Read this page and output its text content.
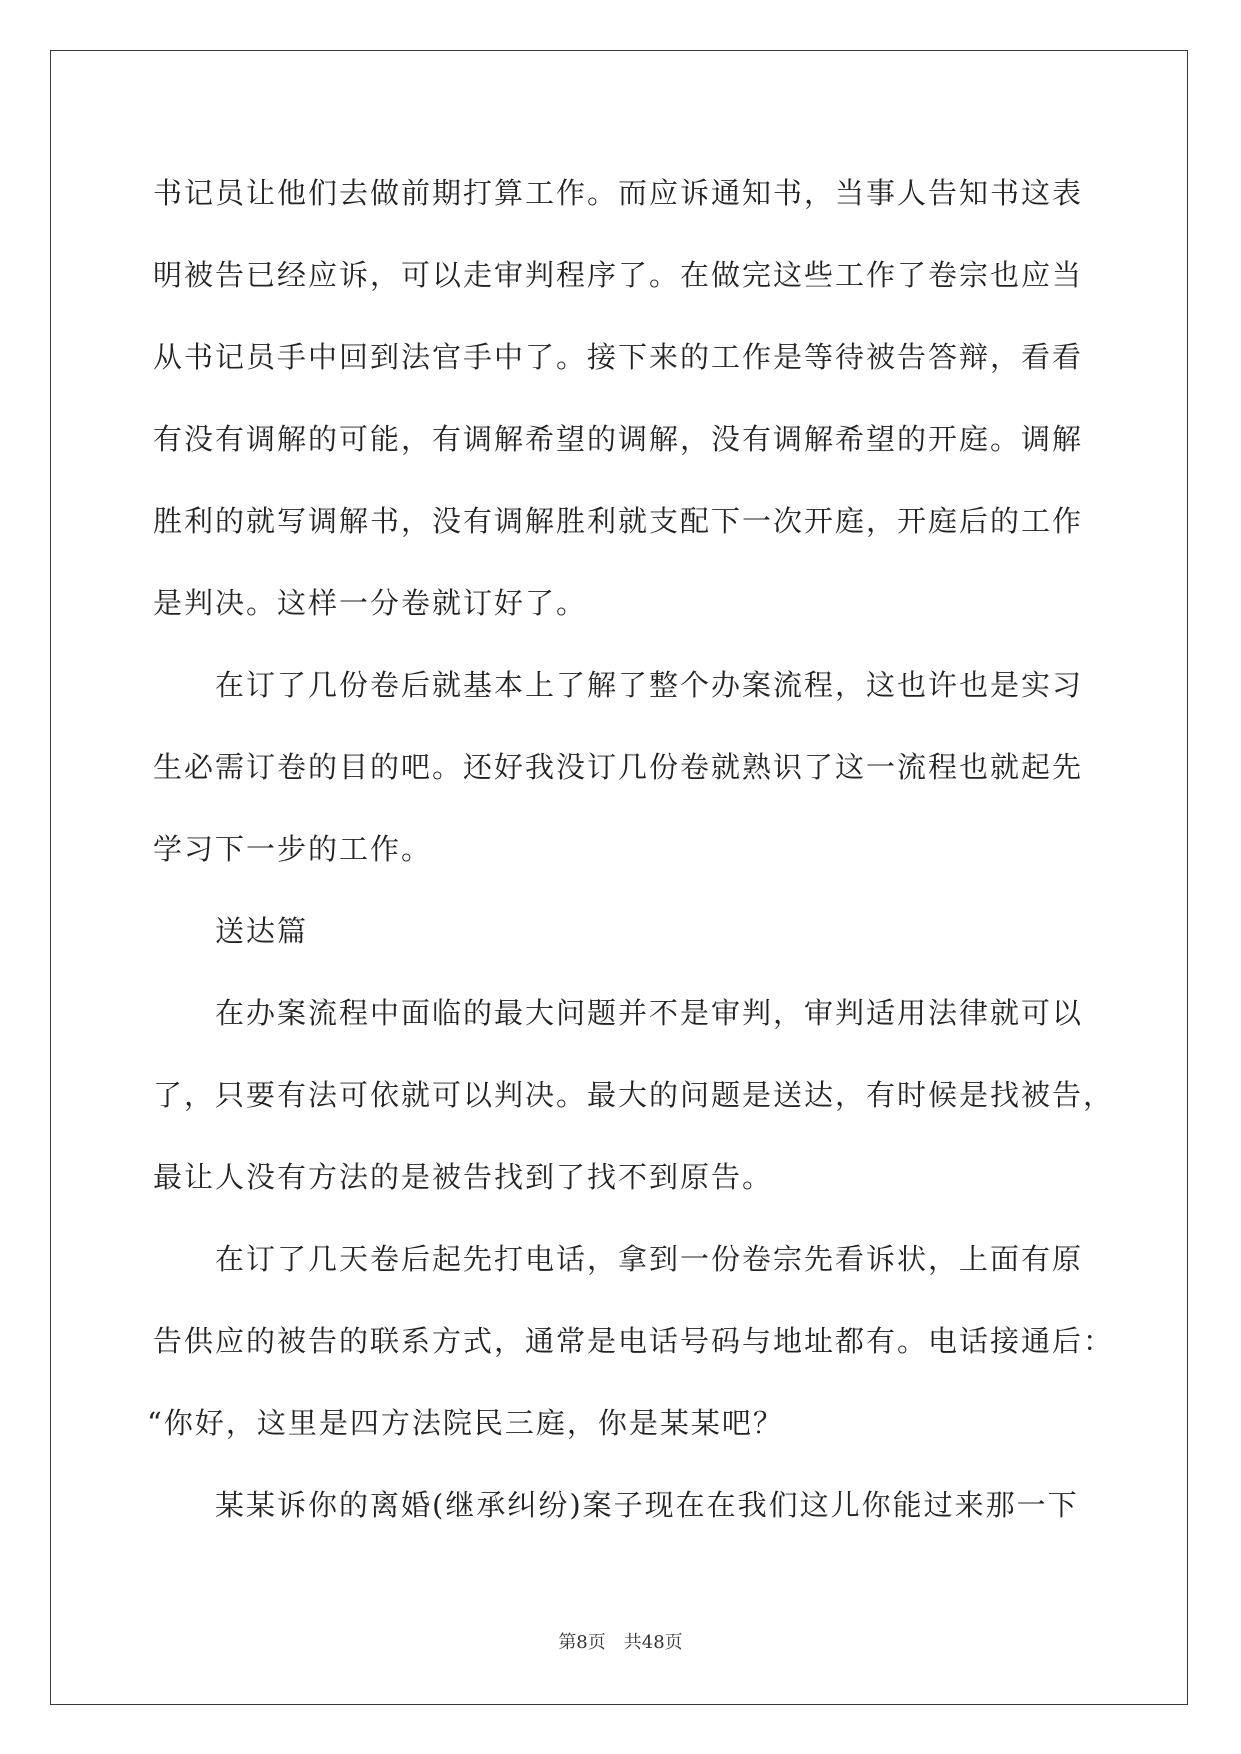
书记员让他们去做前期打算工作。而应诉通知书，当事人告知书这表
明被告已经应诉，可以走审判程序了。在做完这些工作了卷宗也应当
从书记员手中回到法官手中了。接下来的工作是等待被告答辩，看看
有没有调解的可能，有调解希望的调解，没有调解希望的开庭。调解
胜利的就写调解书，没有调解胜利就支配下一次开庭，开庭后的工作
是判决。这样一分卷就订好了。
在订了几份卷后就基本上了解了整个办案流程，这也许也是实习
生必需订卷的目的吧。还好我没订几份卷就熟识了这一流程也就起先
学习下一步的工作。
送达篇
在办案流程中面临的最大问题并不是审判，审判适用法律就可以
了，只要有法可依就可以判决。最大的问题是送达，有时候是找被告，
最让人没有方法的是被告找到了找不到原告。
在订了几天卷后起先打电话，拿到一份卷宗先看诉状，上面有原
告供应的被告的联系方式，通常是电话号码与地址都有。电话接通后：
“你好，这里是四方法院民三庭，你是某某吧？
某某诉你的离婚(继承纠纷)案子现在在我们这儿你能过来那一下
第8页　共48页
